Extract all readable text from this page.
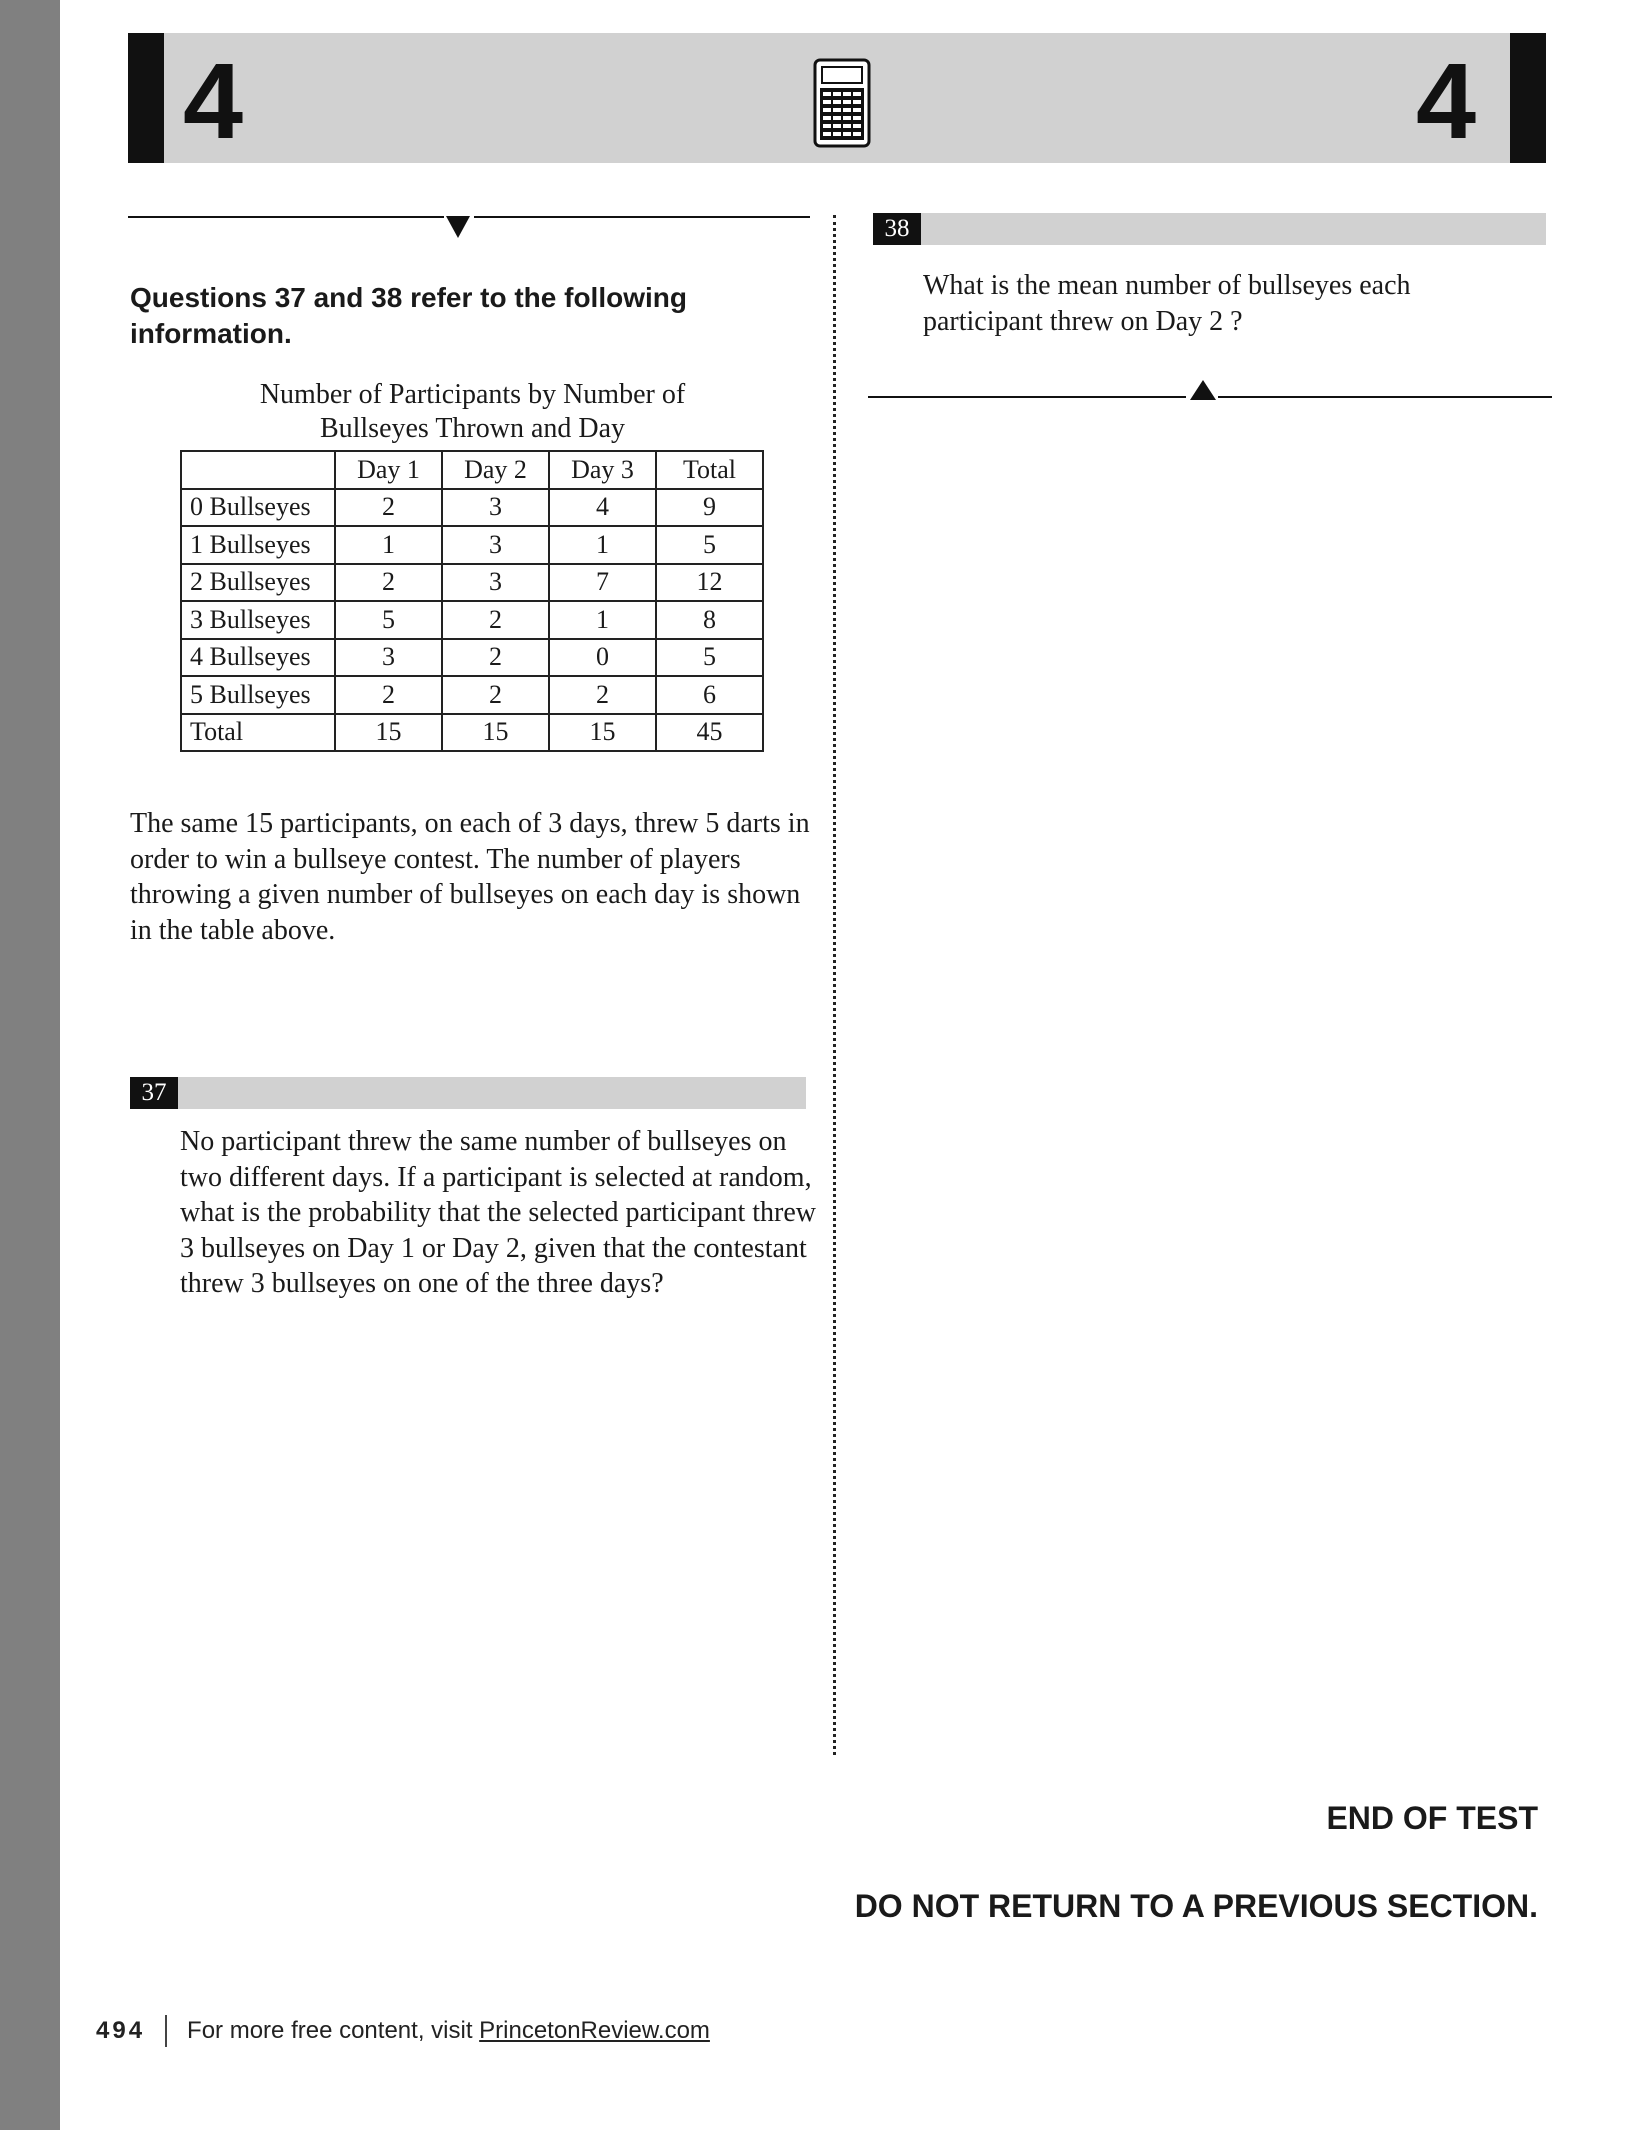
4	4
Questions 37 and 38 refer to the following information.
Number of Participants by Number of
Bullseyes Thrown and Day
	Day 1	Day 2	Day 3	Total
0 Bullseyes	2	3	4	9
1 Bullseyes	1	3	1	5
2 Bullseyes	2	3	7	12
3 Bullseyes	5	2	1	8
4 Bullseyes	3	2	0	5
5 Bullseyes	2	2	2	6
Total	15	15	15	45
The same 15 participants, on each of 3 days, threw 5 darts in order to win a bullseye contest. The number of players throwing a given number of bullseyes on each day is shown in the table above.
37
No participant threw the same number of bullseyes on two different days. If a participant is selected at random, what is the probability that the selected participant threw 3 bullseyes on Day 1 or Day 2, given that the contestant threw 3 bullseyes on one of the three days?
38
What is the mean number of bullseyes each participant threw on Day 2 ?
END OF TEST
DO NOT RETURN TO A PREVIOUS SECTION.
494 For more free content, visit PrincetonReview.com
